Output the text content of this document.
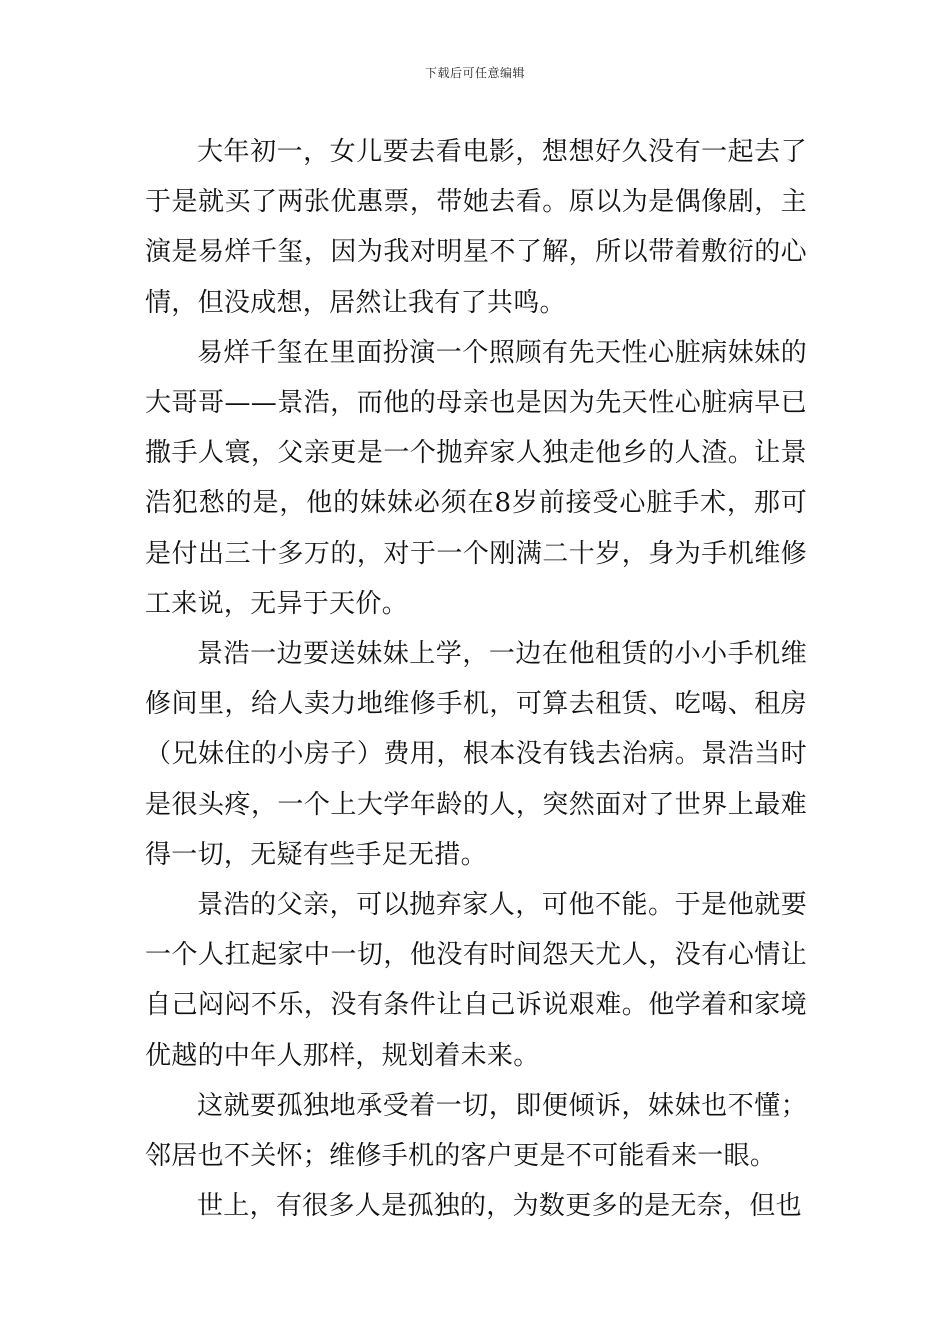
下载后可任意编辑

大年初一，女儿要去看电影，想想好久没有一起去了于是就买了两张优惠票，带她去看。原以为是偶像剧，主演是易烊千玺，因为我对明星不了解，所以带着敷衍的心情，但没成想，居然让我有了共鸣。

易烊千玺在里面扮演一个照顾有先天性心脏病妹妹的大哥哥——景浩，而他的母亲也是因为先天性心脏病早已撒手人寰，父亲更是一个抛弃家人独走他乡的人渣。让景浩犯愁的是，他的妹妹必须在8岁前接受心脏手术，那可是付出三十多万的，对于一个刚满二十岁，身为手机维修工来说，无异于天价。

景浩一边要送妹妹上学，一边在他租赁的小小手机维修间里，给人卖力地维修手机，可算去租赁、吃喝、租房（兄妹住的小房子）费用，根本没有钱去治病。景浩当时是很头疼，一个上大学年龄的人，突然面对了世界上最难得一切，无疑有些手足无措。

景浩的父亲，可以抛弃家人，可他不能。于是他就要一个人扛起家中一切，他没有时间怨天尤人，没有心情让自己闷闷不乐，没有条件让自己诉说艰难。他学着和家境优越的中年人那样，规划着未来。

这就要孤独地承受着一切，即便倾诉，妹妹也不懂；邻居也不关怀；维修手机的客户更是不可能看来一眼。

世上，有很多人是孤独的，为数更多的是无奈，但也
